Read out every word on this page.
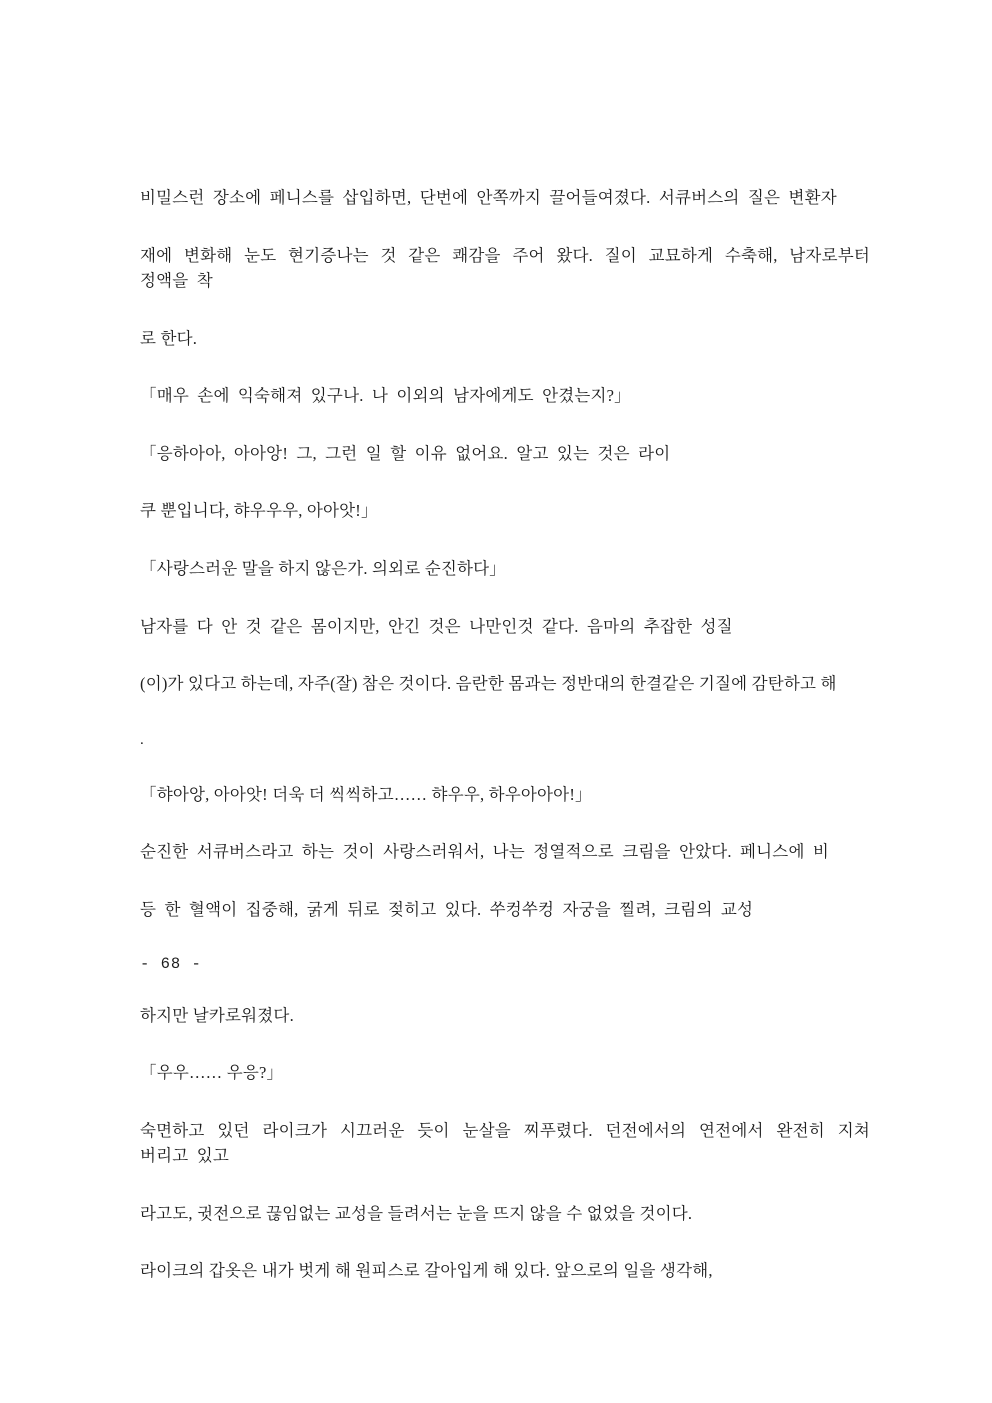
비밀스런 장소에 페니스를 삽입하면, 단번에 안쪽까지 끌어들여졌다. 서큐버스의 질은 변환자

재에 변화해 눈도 현기증나는 것 같은 쾌감을 주어 왔다. 질이 교묘하게 수축해, 남자로부터 정액을 착

로 한다.

「매우 손에 익숙해져 있구나. 나 이외의 남자에게도 안겼는지?」

「응하아아, 아아앙! 그, 그런 일 할 이유 없어요. 알고 있는 것은 라이

쿠 뿐입니다, 햐우우우, 아아앗!」

「사랑스러운 말을 하지 않은가. 의외로 순진하다」

남자를 다 안 것 같은 몸이지만, 안긴 것은 나만인것 같다. 음마의 추잡한 성질

(이)가 있다고 하는데, 자주(잘) 참은 것이다. 음란한 몸과는 정반대의 한결같은 기질에 감탄하고 해

.

「햐아앙, 아아앗! 더욱 더 씩씩하고…… 햐우우, 하우아아아!」

순진한 서큐버스라고 하는 것이 사랑스러워서, 나는 정열적으로 크림을 안았다. 페니스에 비

등 한 혈액이 집중해, 굵게 뒤로 젖히고 있다. 쑤컹쑤컹 자궁을 찔려, 크림의 교성

- 68 -

하지만 날카로워졌다.

「우우…… 우응?」

숙면하고 있던 라이크가 시끄러운 듯이 눈살을 찌푸렸다. 던전에서의 연전에서 완전히 지쳐 버리고 있고

라고도, 귓전으로 끊임없는 교성을 들려서는 눈을 뜨지 않을 수 없었을 것이다.

라이크의 갑옷은 내가 벗게 해 원피스로 갈아입게 해 있다. 앞으로의 일을 생각해,
